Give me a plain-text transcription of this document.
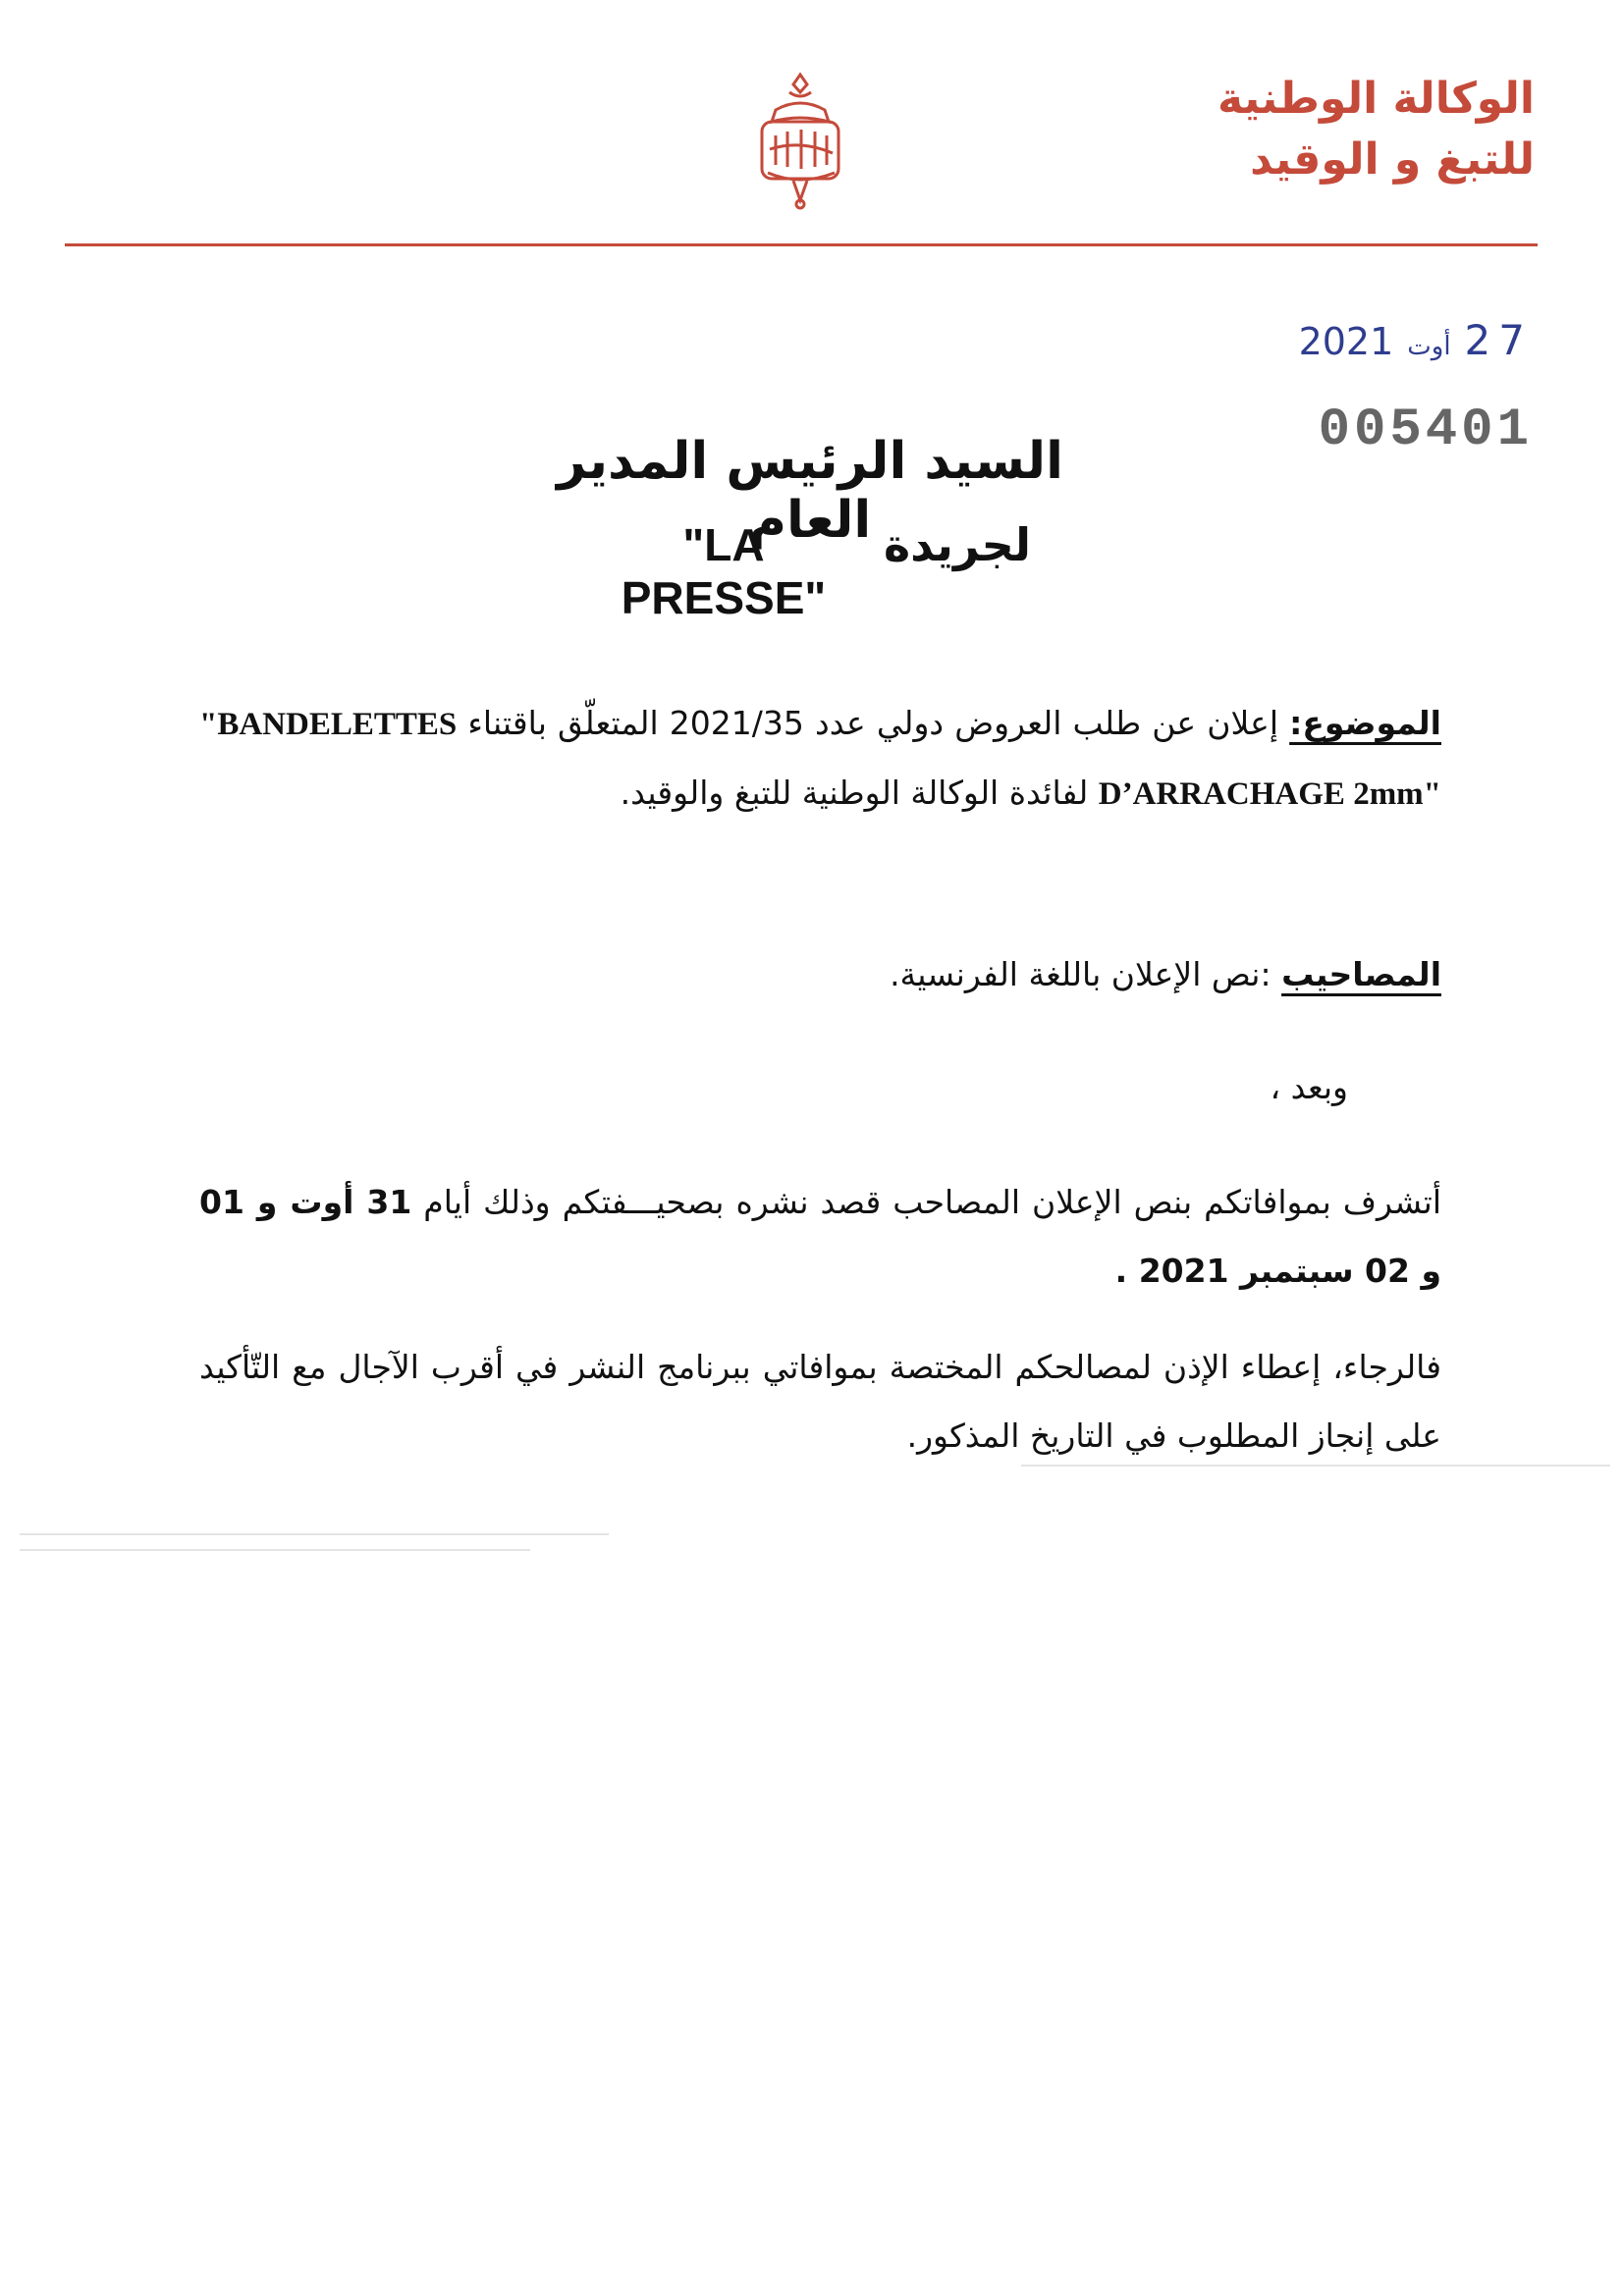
الوكالة الوطنية
للتبغ و الوقيد
2021 أوت 27
005401
السيد الرئيس المدير العام لجريدة
"LA PRESSE"
الموضوع: إعلان عن طلب العروض دولي عدد 2021/35 المتعلّق باقتناء "BANDELETTES D’ARRACHAGE 2mm" لفائدة الوكالة الوطنية للتبغ والوقيد.
المصاحيب :نص الإعلان باللغة الفرنسية.
وبعد ،
أتشرف بموافاتكم بنص الإعلان المصاحب قصد نشره بصحيـــفتكم وذلك أيام 31 أوت و 01 و 02 سبتمبر 2021 .
فالرجاء، إعطاء الإذن لمصالحكم المختصة بموافاتي ببرنامج النشر في أقرب الآجال مع التّأكيد على إنجاز المطلوب في التاريخ المذكور.
